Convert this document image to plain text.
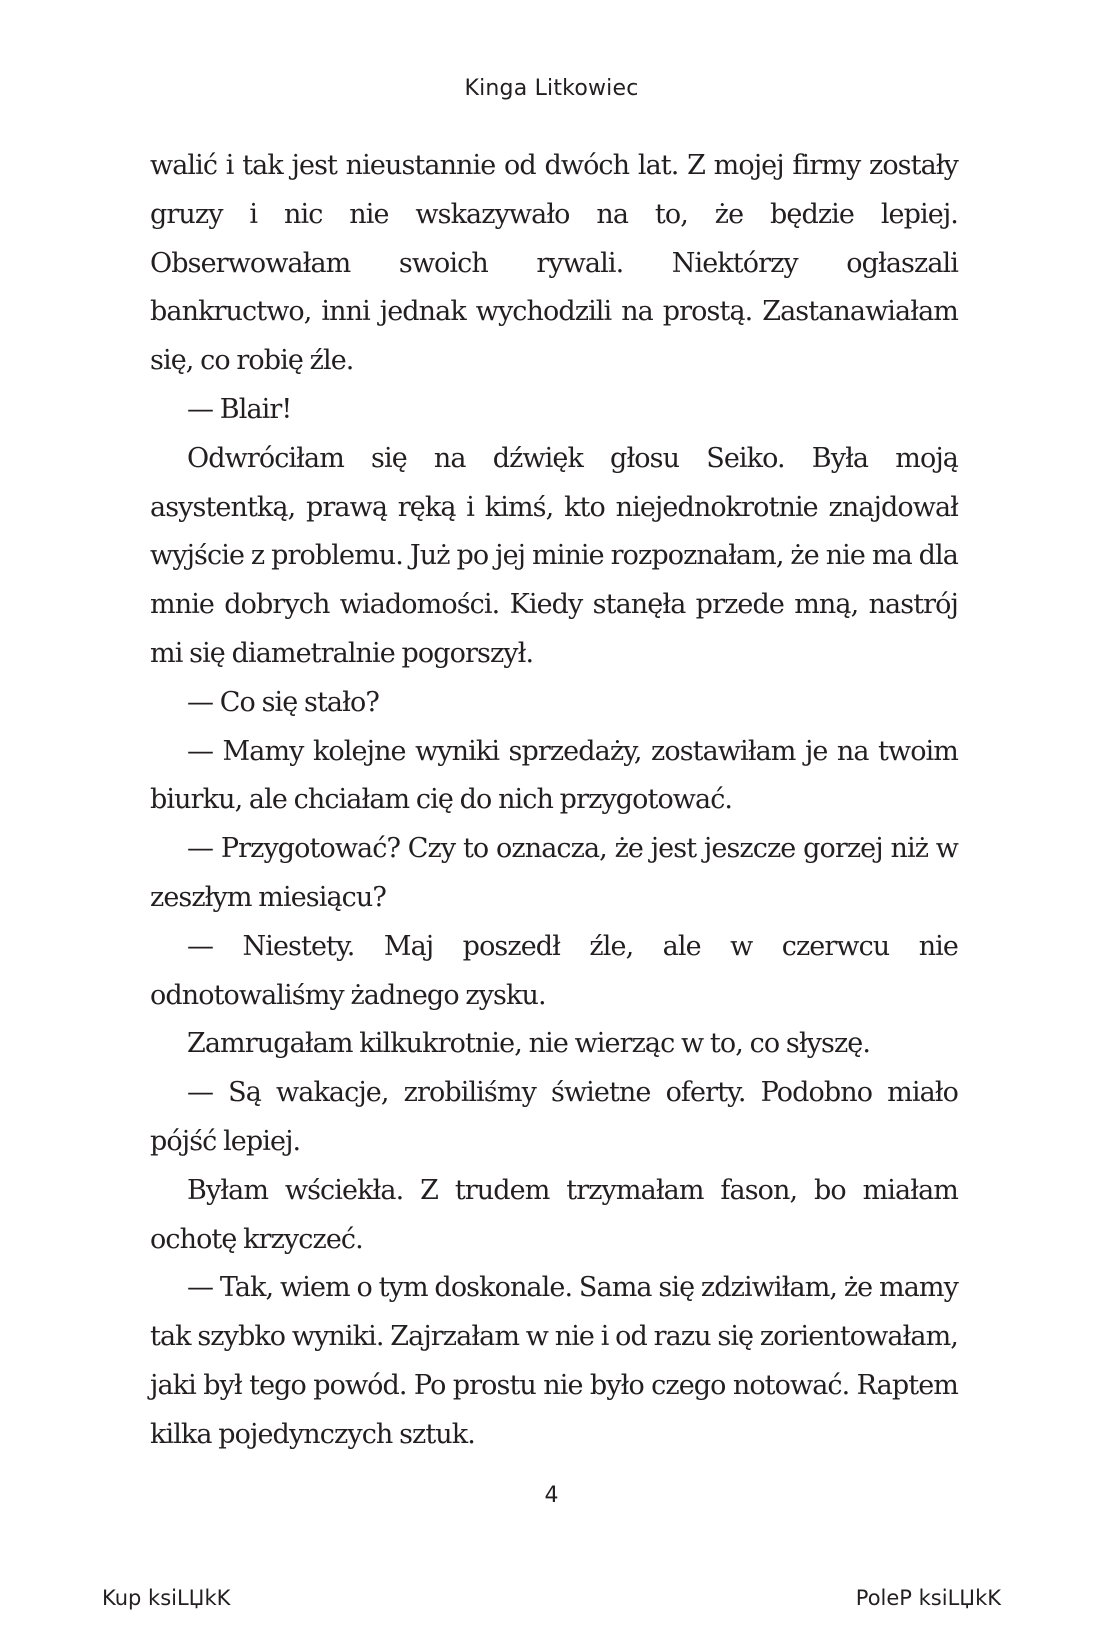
Kinga Litkowiec

walić i tak jest nieustannie od dwóch lat. Z mojej firmy zostały gruzy i nic nie wskazywało na to, że będzie lepiej. Obserwowałam swoich rywali. Niektórzy ogłaszali bankructwo, inni jednak wychodzili na prostą. Zastanawiałam się, co robię źle.

— Blair!

Odwróciłam się na dźwięk głosu Seiko. Była moją asystentką, prawą ręką i kimś, kto niejednokrotnie znajdował wyjście z problemu. Już po jej minie rozpoznałam, że nie ma dla mnie dobrych wiadomości. Kiedy stanęła przede mną, nastrój mi się diametralnie pogorszył.

— Co się stało?

— Mamy kolejne wyniki sprzedaży, zostawiłam je na twoim biurku, ale chciałam cię do nich przygotować.

— Przygotować? Czy to oznacza, że jest jeszcze gorzej niż w zeszłym miesiącu?

— Niestety. Maj poszedł źle, ale w czerwcu nie odnotowaliśmy żadnego zysku.

Zamrugałam kilkukrotnie, nie wierząc w to, co słyszę.

— Są wakacje, zrobiliśmy świetne oferty. Podobno miało pójść lepiej.

Byłam wściekła. Z trudem trzymałam fason, bo miałam ochotę krzyczeć.

— Tak, wiem o tym doskonale. Sama się zdziwiłam, że mamy tak szybko wyniki. Zajrzałam w nie i od razu się zorientowałam, jaki był tego powód. Po prostu nie było czego notować. Raptem kilka pojedynczych sztuk.

4
Kup ksiLЏkK	PoleP ksiLЏkK
